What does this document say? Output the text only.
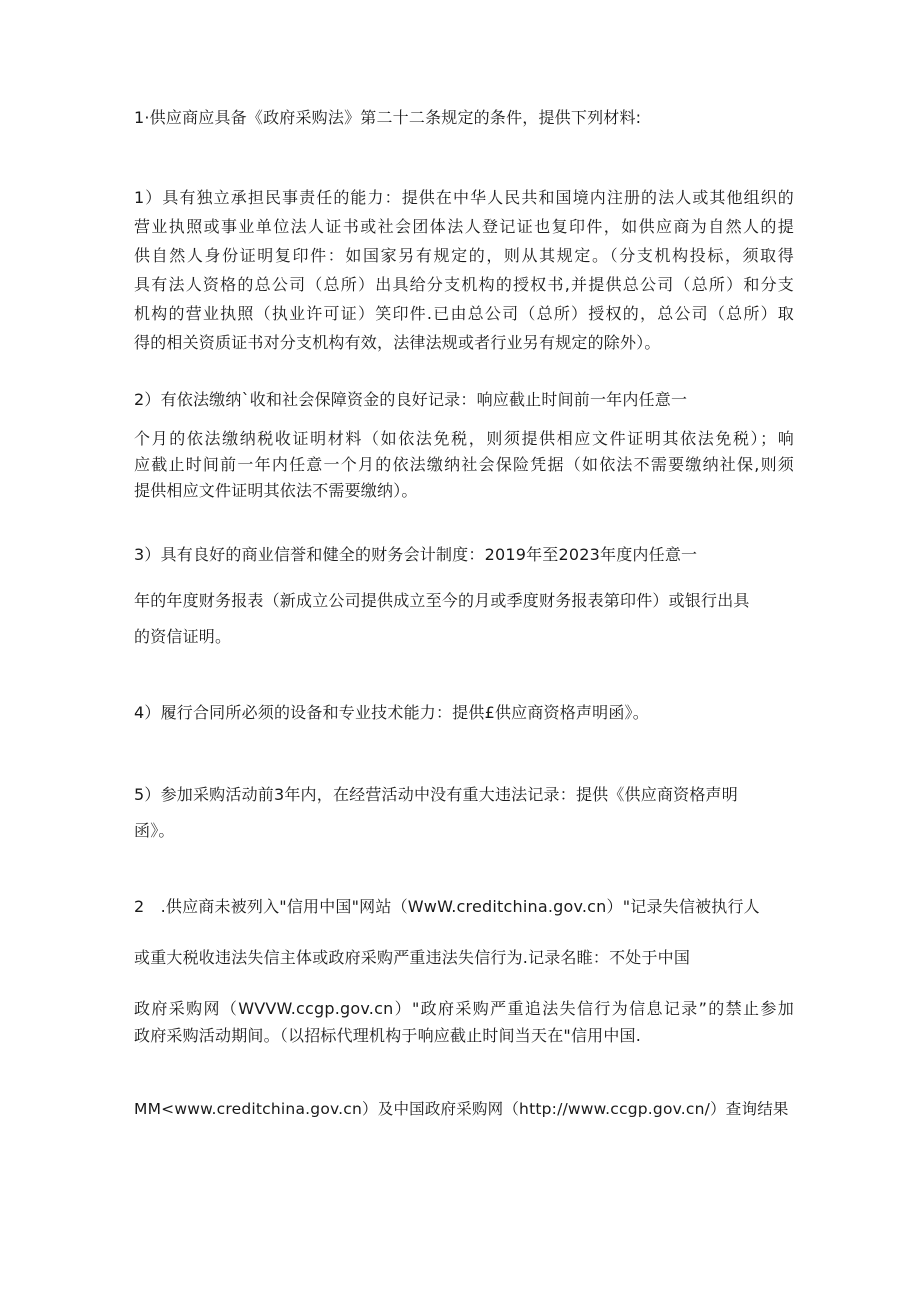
1·供应商应具备《政府采购法》第二十二条规定的条件，提供下列材料:

1）具有独立承担民事责任的能力：提供在中华人民共和国境内注册的法人或其他组织的

营业执照或事业单位法人证书或社会团体法人登记证也复印件，如供应商为自然人的提

供自然人身份证明复印件：如国家另有规定的，则从其规定。（分支机构投标，须取得

具有法人资格的总公司（总所）出具给分支机构的授权书,并提供总公司（总所）和分支

机构的营业执照（执业许可证）笑印件.已由总公司（总所）授权的，总公司（总所）取

得的相关资质证书对分支机构有效，法律法规或者行业另有规定的除外）。

2）有依法缴纳`收和社会保障资金的良好记录：响应截止时间前一年内任意一

个月的依法缴纳税收证明材料（如依法免税，则须提供相应文件证明其依法免税）；响

应截止时间前一年内任意一个月的依法缴纳社会保险凭据（如依法不需要缴纳社保,则须

提供相应文件证明其依法不需要缴纳）。

3）具有良好的商业信誉和健全的财务会计制度：2019年至2023年度内任意一

年的年度财务报表（新成立公司提供成立至今的月或季度财务报表第印件）或银行出具

的资信证明。

4）履行合同所必须的设备和专业技术能力：提供£供应商资格声明函》。

5）参加采购活动前3年内，在经营活动中没有重大违法记录：提供《供应商资格声明

函》。

2　.供应商未被列入"信用中国"网站（WwW.creditchina.gov.cn）"记录失信被执行人

或重大税收违法失信主体或政府采购严重违法失信行为.记录名睢：不处于中国

政府采购网（WVVW.ccgp.gov.cn）"政府采购严重追法失信行为信息记录”的禁止参加

政府采购活动期间。（以招标代理机构于响应截止时间当天在"信用中国.

MM<www.creditchina.gov.cn）及中国政府采购网（http://www.ccgp.gov.cn/）查询结果
